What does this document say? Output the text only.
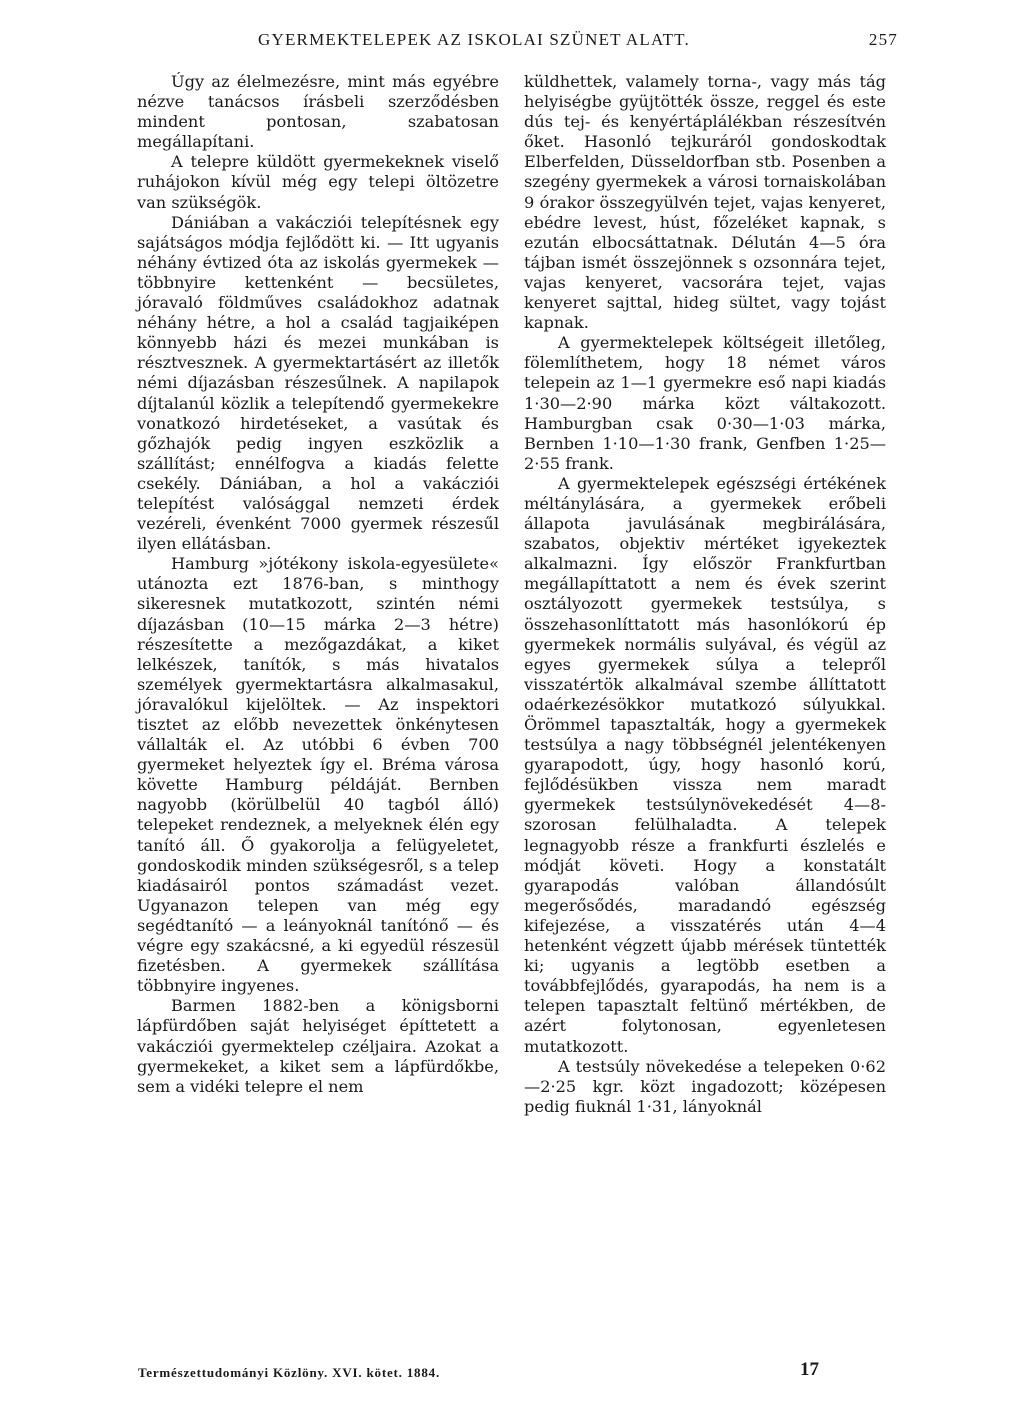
GYERMEKTELEPEK AZ ISKOLAI SZÜNET ALATT.	257

Úgy az élelmezésre, mint más egyébre nézve tanácsos írásbeli szerződésben mindent pontosan, szabatosan megállapítani.

A telepre küldött gyermekeknek viselő ruhájokon kívül még egy telepi öltözetre van szükségök.

Dániában a vakácziói telepítésnek egy sajátságos módja fejlődött ki. — Itt ugyanis néhány évtized óta az iskolás gyermekek — többnyire kettenként — becsületes, jóravaló földműves családokhoz adatnak néhány hétre, a hol a család tagjaiképen könnyebb házi és mezei munkában is résztvesznek. A gyermektartásért az illetők némi díjazásban részesűlnek. A napilapok díjtalanúl közlik a telepítendő gyermekekre vonatkozó hirdetéseket, a vasútak és gőzhajók pedig ingyen eszközlik a szállítást; ennélfogva a kiadás felette csekély. Dániában, a hol a vakácziói telepítést valósággal nemzeti érdek vezéreli, évenként 7000 gyermek részesűl ilyen ellátásban.

Hamburg »jótékony iskola-egyesülete« utánozta ezt 1876-ban, s minthogy sikeresnek mutatkozott, szintén némi díjazásban (10—15 márka 2—3 hétre) részesítette a mezőgazdákat, a kiket lelkészek, tanítók, s más hivatalos személyek gyermektartásra alkalmasakul, jóravalókul kijelöltek. — Az inspektori tisztet az előbb nevezettek önkénytesen vállalták el. Az utóbbi 6 évben 700 gyermeket helyeztek így el. Bréma városa követte Hamburg példáját. Bernben nagyobb (körülbelül 40 tagból álló) telepeket rendeznek, a melyeknek élén egy tanító áll. Ő gyakorolja a felügyeletet, gondoskodik minden szükségesről, s a telep kiadásairól pontos számadást vezet. Ugyanazon telepen van még egy segédtanító — a leányoknál tanítónő — és végre egy szakácsné, a ki egyedül részesül fizetésben. A gyermekek szállítása többnyire ingyenes.

Barmen 1882-ben a königsborni lápfürdőben saját helyiséget építtetett a vakácziói gyermektelep czéljaira. Azokat a gyermekeket, a kiket sem a lápfürdőkbe, sem a vidéki telepre el nem

küldhettek, valamely torna-, vagy más tág helyiségbe gyüjtötték össze, reggel és este dús tej- és kenyértáplálékban részesítvén őket. Hasonló tejkuráról gondoskodtak Elberfelden, Düsseldorfban stb. Posenben a szegény gyermekek a városi tornaiskolában 9 órakor összegyülvén tejet, vajas kenyeret, ebédre levest, húst, főzeléket kapnak, s ezután elbocsáttatnak. Délután 4—5 óra tájban ismét összejönnek s ozsonnára tejet, vajas kenyeret, vacsorára tejet, vajas kenyeret sajttal, hideg sültet, vagy tojást kapnak.

A gyermektelepek költségeit illetőleg, fölemlíthetem, hogy 18 német város telepein az 1—1 gyermekre eső napi kiadás 1·30—2·90 márka közt váltakozott. Hamburgban csak 0·30—1·03 márka, Bernben 1·10—1·30 frank, Genfben 1·25—2·55 frank.

A gyermektelepek egészségi értékének méltánylására, a gyermekek erőbeli állapota javulásának megbirálására, szabatos, objektiv mértéket igyekeztek alkalmazni. Így először Frankfurtban megállapíttatott a nem és évek szerint osztályozott gyermekek testsúlya, s összehasonlíttatott más hasonlókorú ép gyermekek normális sulyával, és végül az egyes gyermekek súlya a telepről visszatértök alkalmával szembe állíttatott odaérkezésökkor mutatkozó súlyukkal. Örömmel tapasztalták, hogy a gyermekek testsúlya a nagy többségnél jelentékenyen gyarapodott, úgy, hogy hasonló korú, fejlődésükben vissza nem maradt gyermekek testsúlynövekedését 4—8-szorosan felülhaladta. A telepek legnagyobb része a frankfurti észlelés e módját követi. Hogy a konstatált gyarapodás valóban állandósúlt megerősődés, maradandó egészség kifejezése, a visszatérés után 4—4 hetenként végzett újabb mérések tüntették ki; ugyanis a legtöbb esetben a továbbfejlődés, gyarapodás, ha nem is a telepen tapasztalt feltünő mértékben, de azért folytonosan, egyenletesen mutatkozott.

A testsúly növekedése a telepeken 0·62—2·25 kgr. közt ingadozott; középesen pedig fiuknál 1·31, lányoknál

Természettudományi Közlöny. XVI. kötet. 1884.	17
